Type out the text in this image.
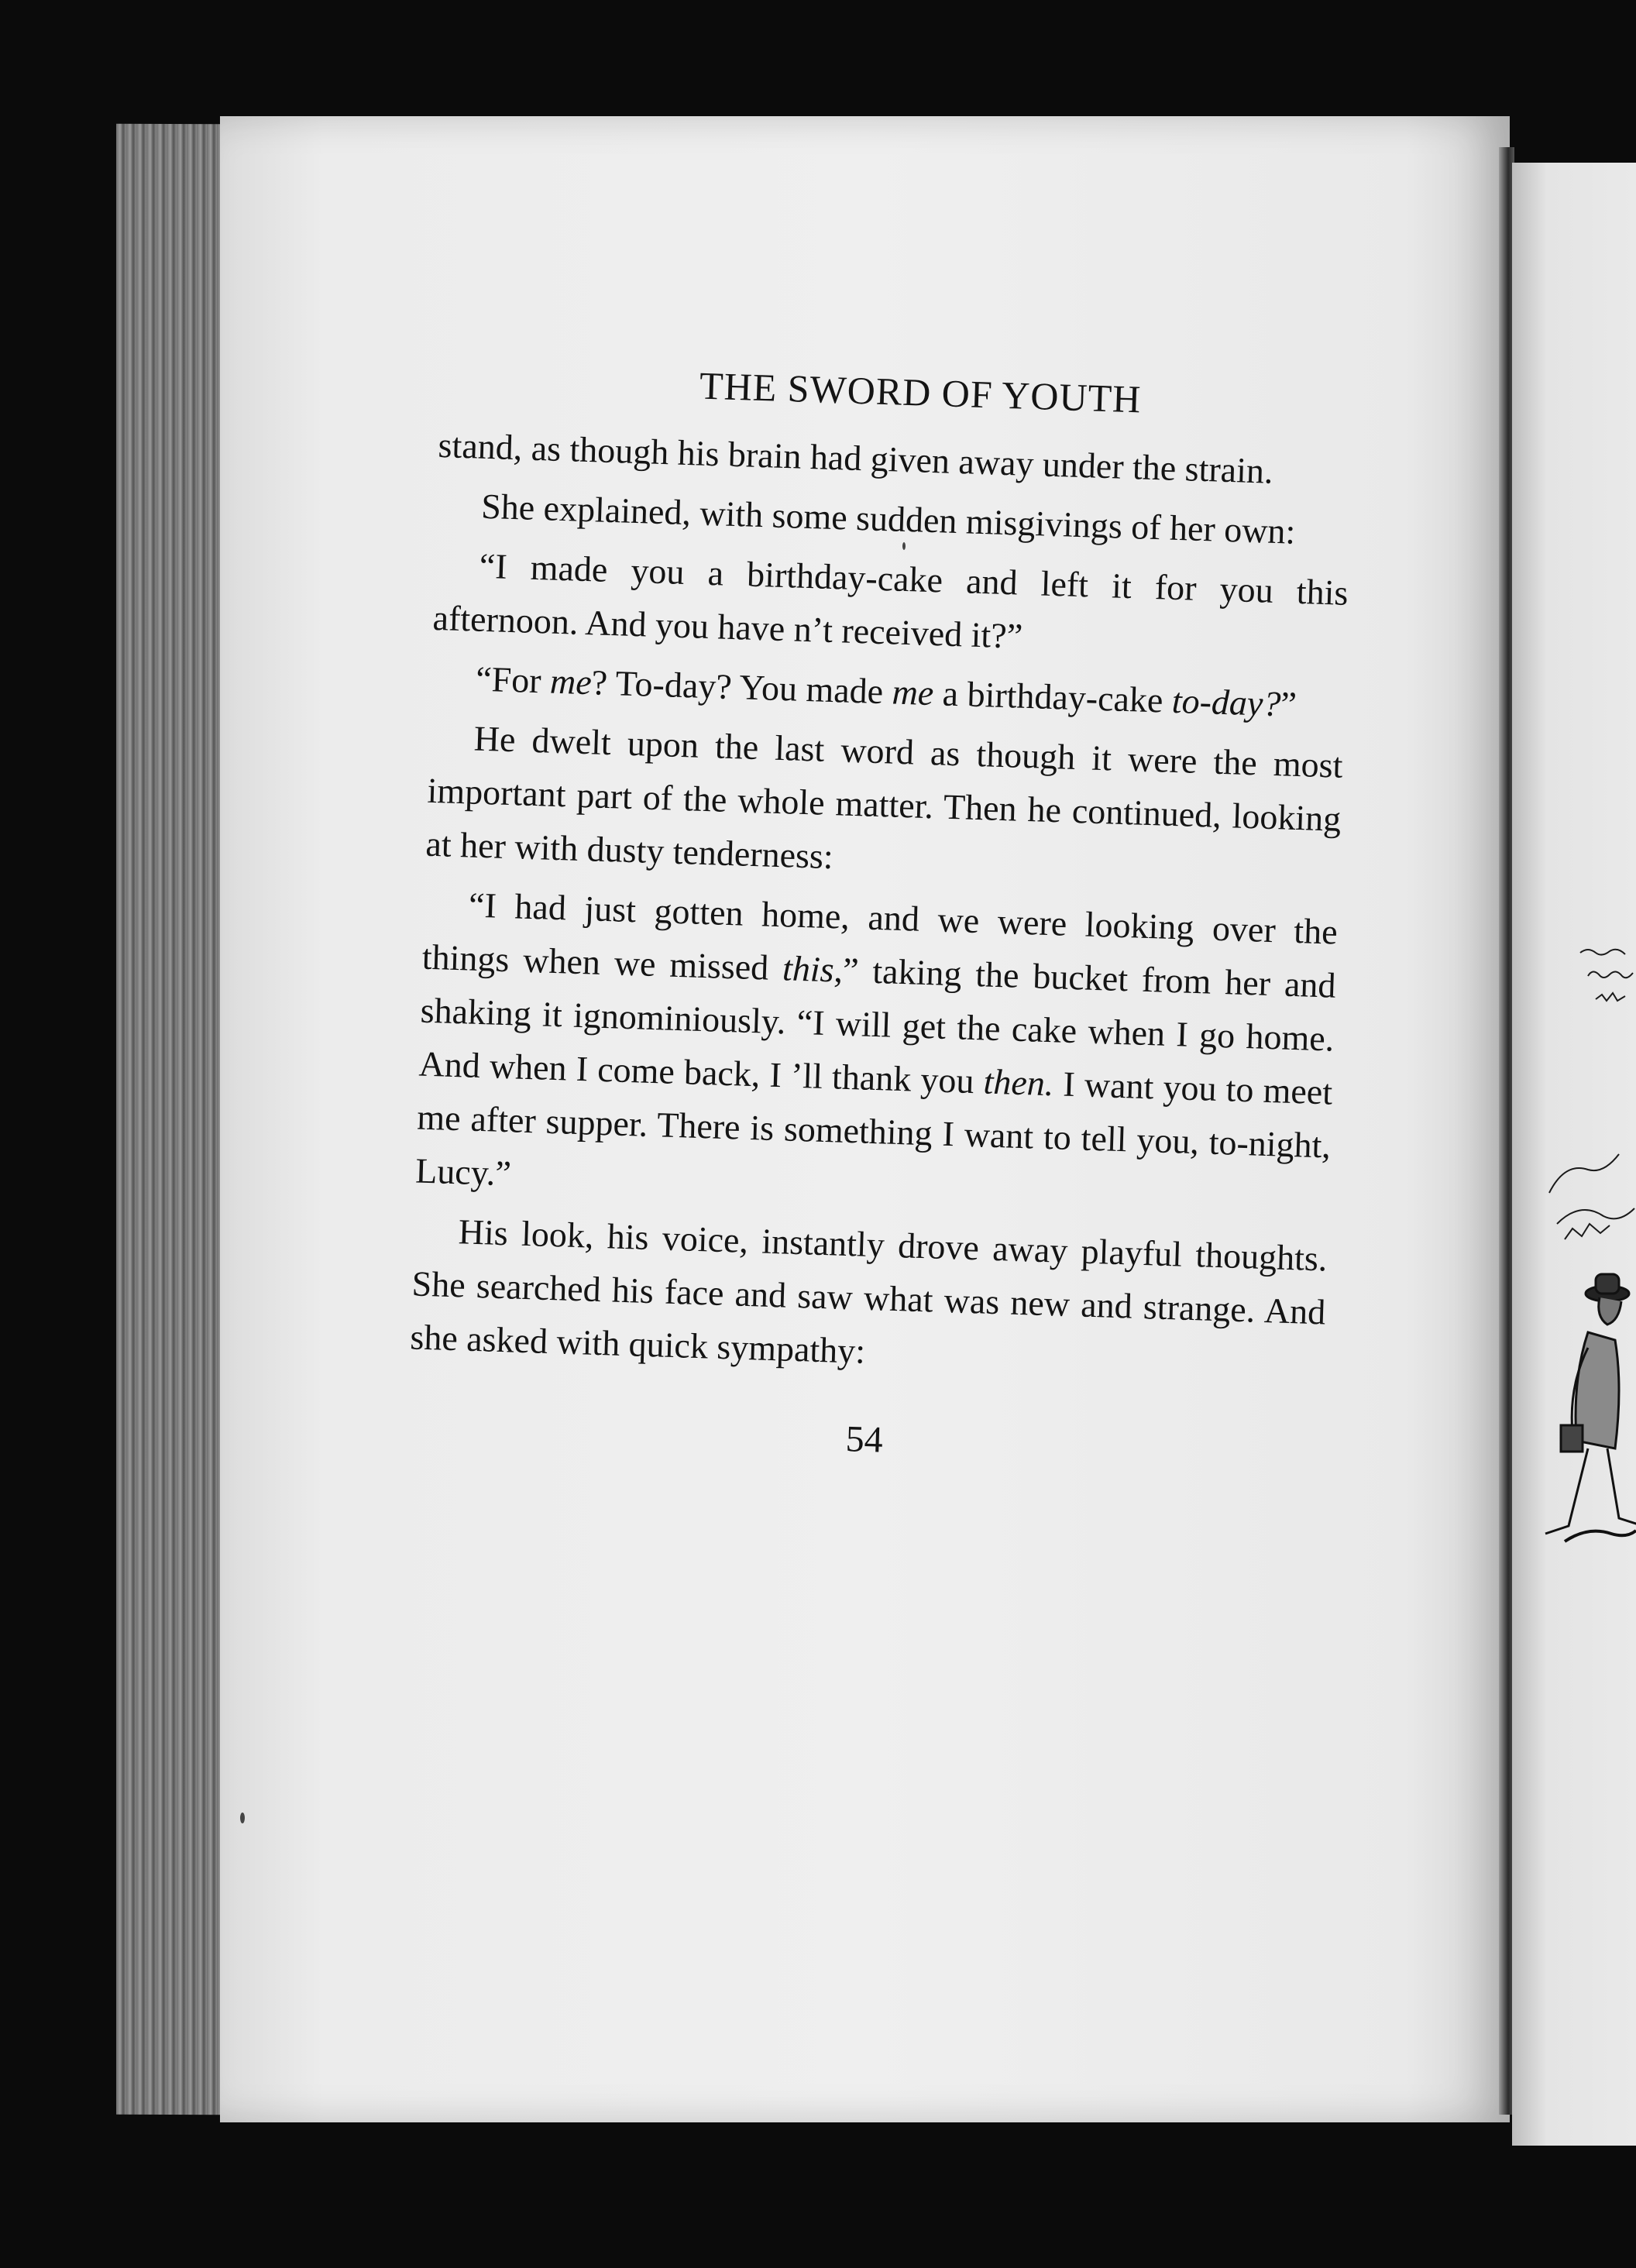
THE SWORD OF YOUTH

stand, as though his brain had given away under the strain.

She explained, with some sudden misgivings of her own:

“I made you a birthday-cake and left it for you this afternoon. And you have n’t received it?”

“For me? To-day? You made me a birthday-cake to-day?”

He dwelt upon the last word as though it were the most important part of the whole matter. Then he continued, looking at her with dusty tenderness:

“I had just gotten home, and we were looking over the things when we missed this,” taking the bucket from her and shaking it ignominiously. “I will get the cake when I go home. And when I come back, I ’ll thank you then. I want you to meet me after supper. There is something I want to tell you, to-night, Lucy.”

His look, his voice, instantly drove away playful thoughts. She searched his face and saw what was new and strange. And she asked with quick sympathy:

54
